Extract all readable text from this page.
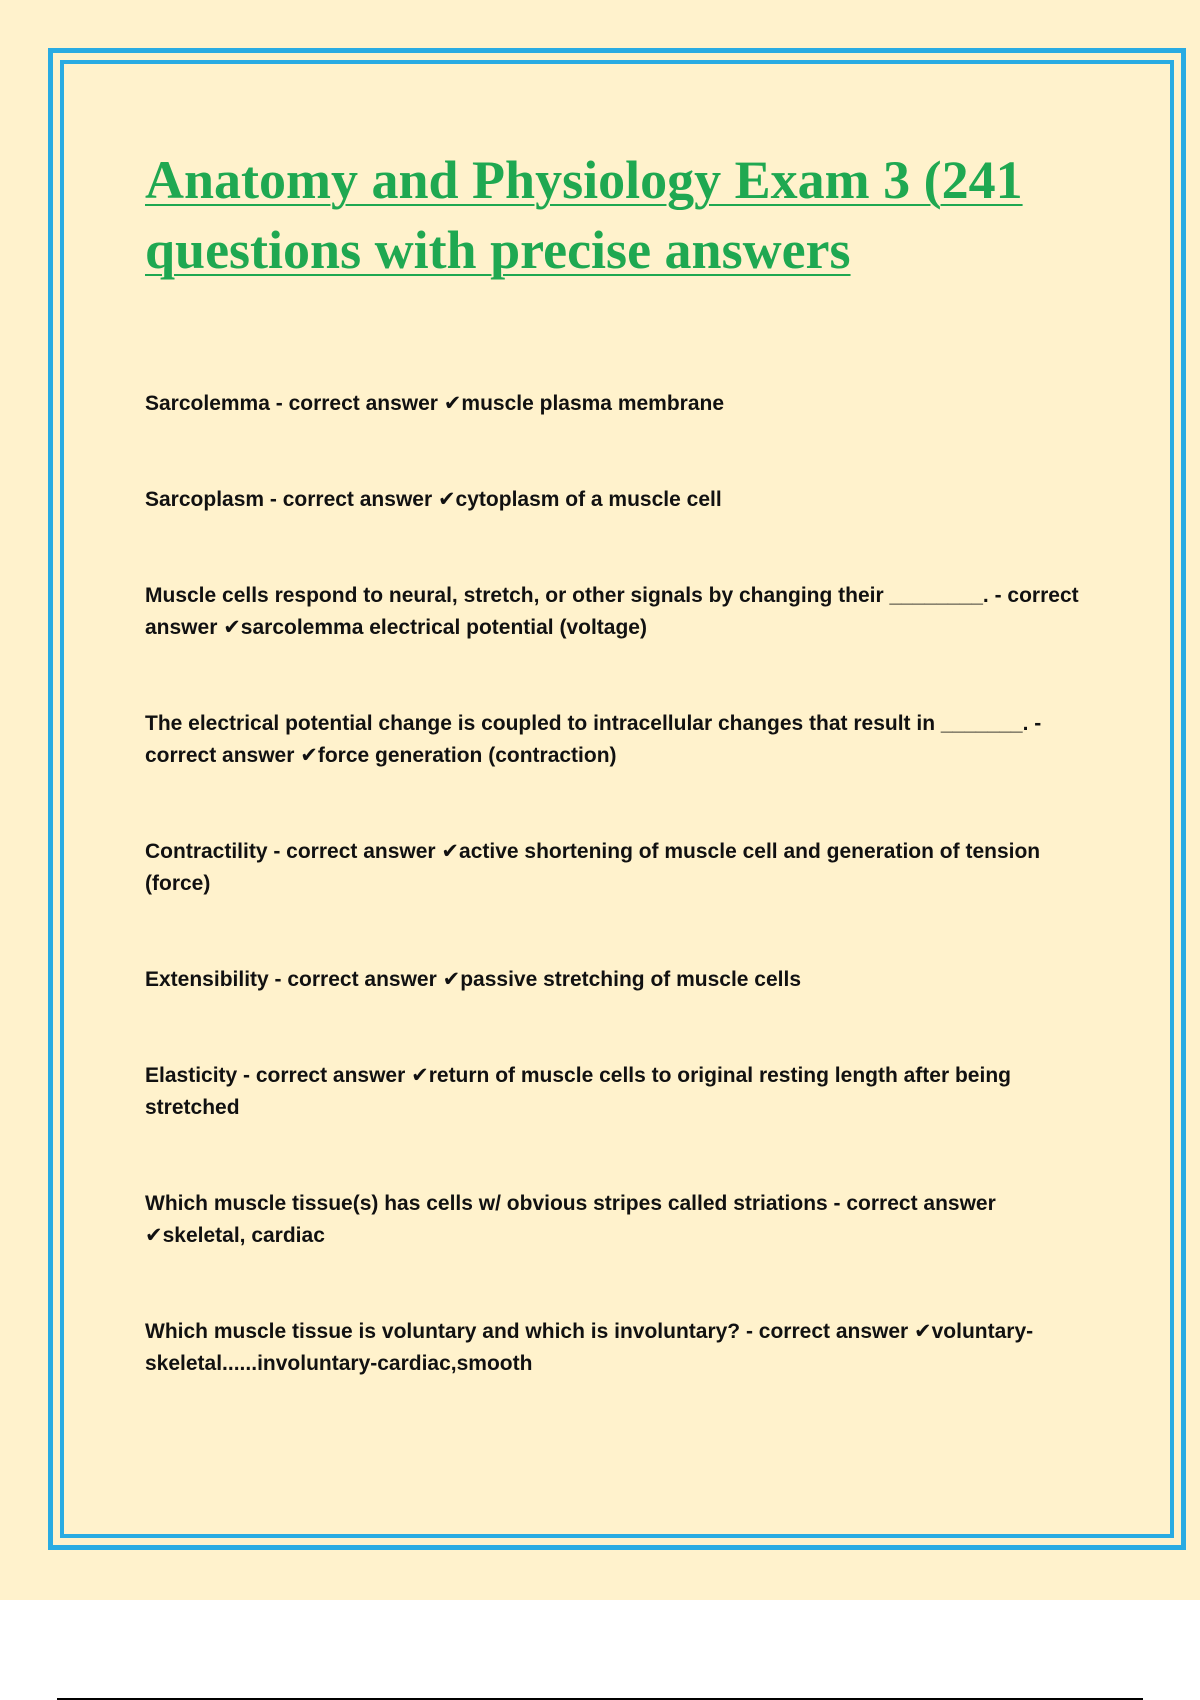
Anatomy and Physiology Exam 3 (241 questions with precise answers

Sarcolemma - correct answer ✔muscle plasma membrane

Sarcoplasm - correct answer ✔cytoplasm of a muscle cell

Muscle cells respond to neural, stretch, or other signals by changing their ________. - correct answer ✔sarcolemma electrical potential (voltage)

The electrical potential change is coupled to intracellular changes that result in _______. - correct answer ✔force generation (contraction)

Contractility - correct answer ✔active shortening of muscle cell and generation of tension (force)

Extensibility - correct answer ✔passive stretching of muscle cells

Elasticity - correct answer ✔return of muscle cells to original resting length after being stretched

Which muscle tissue(s) has cells w/ obvious stripes called striations - correct answer ✔skeletal, cardiac

Which muscle tissue is voluntary and which is involuntary? - correct answer ✔voluntary-skeletal......involuntary-cardiac,smooth
